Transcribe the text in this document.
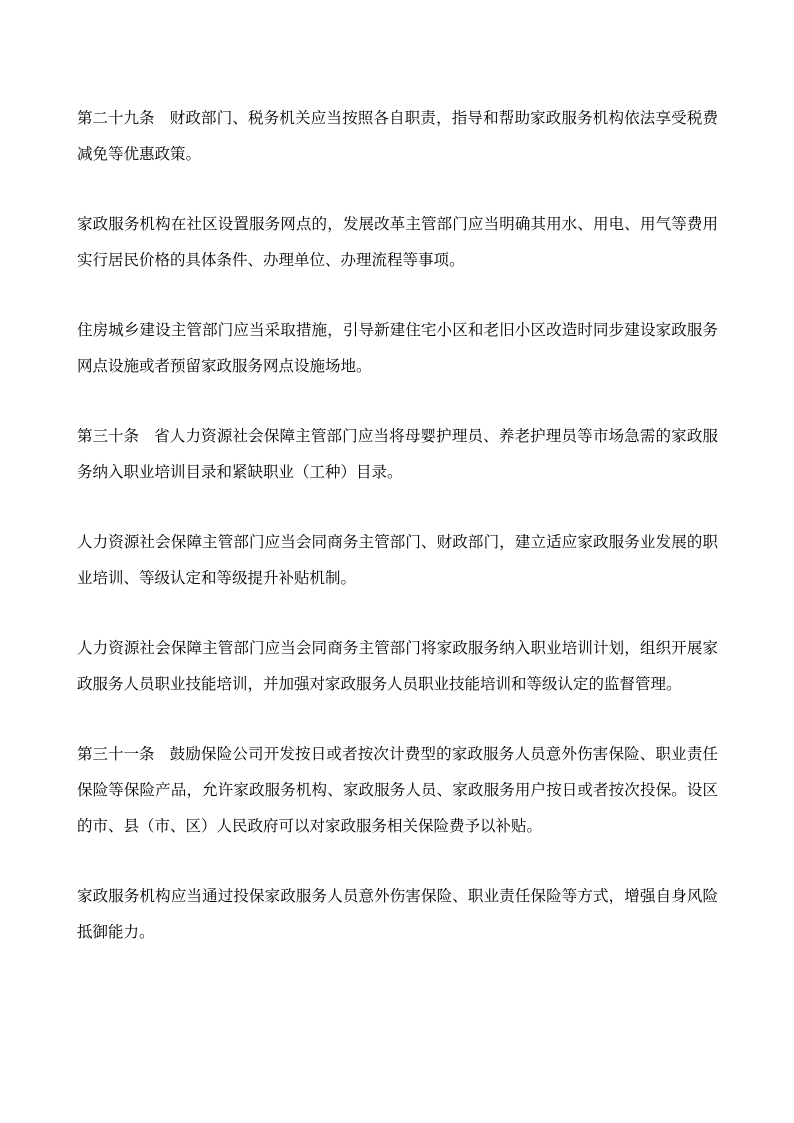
第二十九条 财政部门、税务机关应当按照各自职责，指导和帮助家政服务机构依法享受税费减免等优惠政策。

家政服务机构在社区设置服务网点的，发展改革主管部门应当明确其用水、用电、用气等费用实行居民价格的具体条件、办理单位、办理流程等事项。

住房城乡建设主管部门应当采取措施，引导新建住宅小区和老旧小区改造时同步建设家政服务网点设施或者预留家政服务网点设施场地。

第三十条 省人力资源社会保障主管部门应当将母婴护理员、养老护理员等市场急需的家政服务纳入职业培训目录和紧缺职业（工种）目录。

人力资源社会保障主管部门应当会同商务主管部门、财政部门，建立适应家政服务业发展的职业培训、等级认定和等级提升补贴机制。

人力资源社会保障主管部门应当会同商务主管部门将家政服务纳入职业培训计划，组织开展家政服务人员职业技能培训，并加强对家政服务人员职业技能培训和等级认定的监督管理。

第三十一条 鼓励保险公司开发按日或者按次计费型的家政服务人员意外伤害保险、职业责任保险等保险产品，允许家政服务机构、家政服务人员、家政服务用户按日或者按次投保。设区的市、县（市、区）人民政府可以对家政服务相关保险费予以补贴。

家政服务机构应当通过投保家政服务人员意外伤害保险、职业责任保险等方式，增强自身风险抵御能力。
